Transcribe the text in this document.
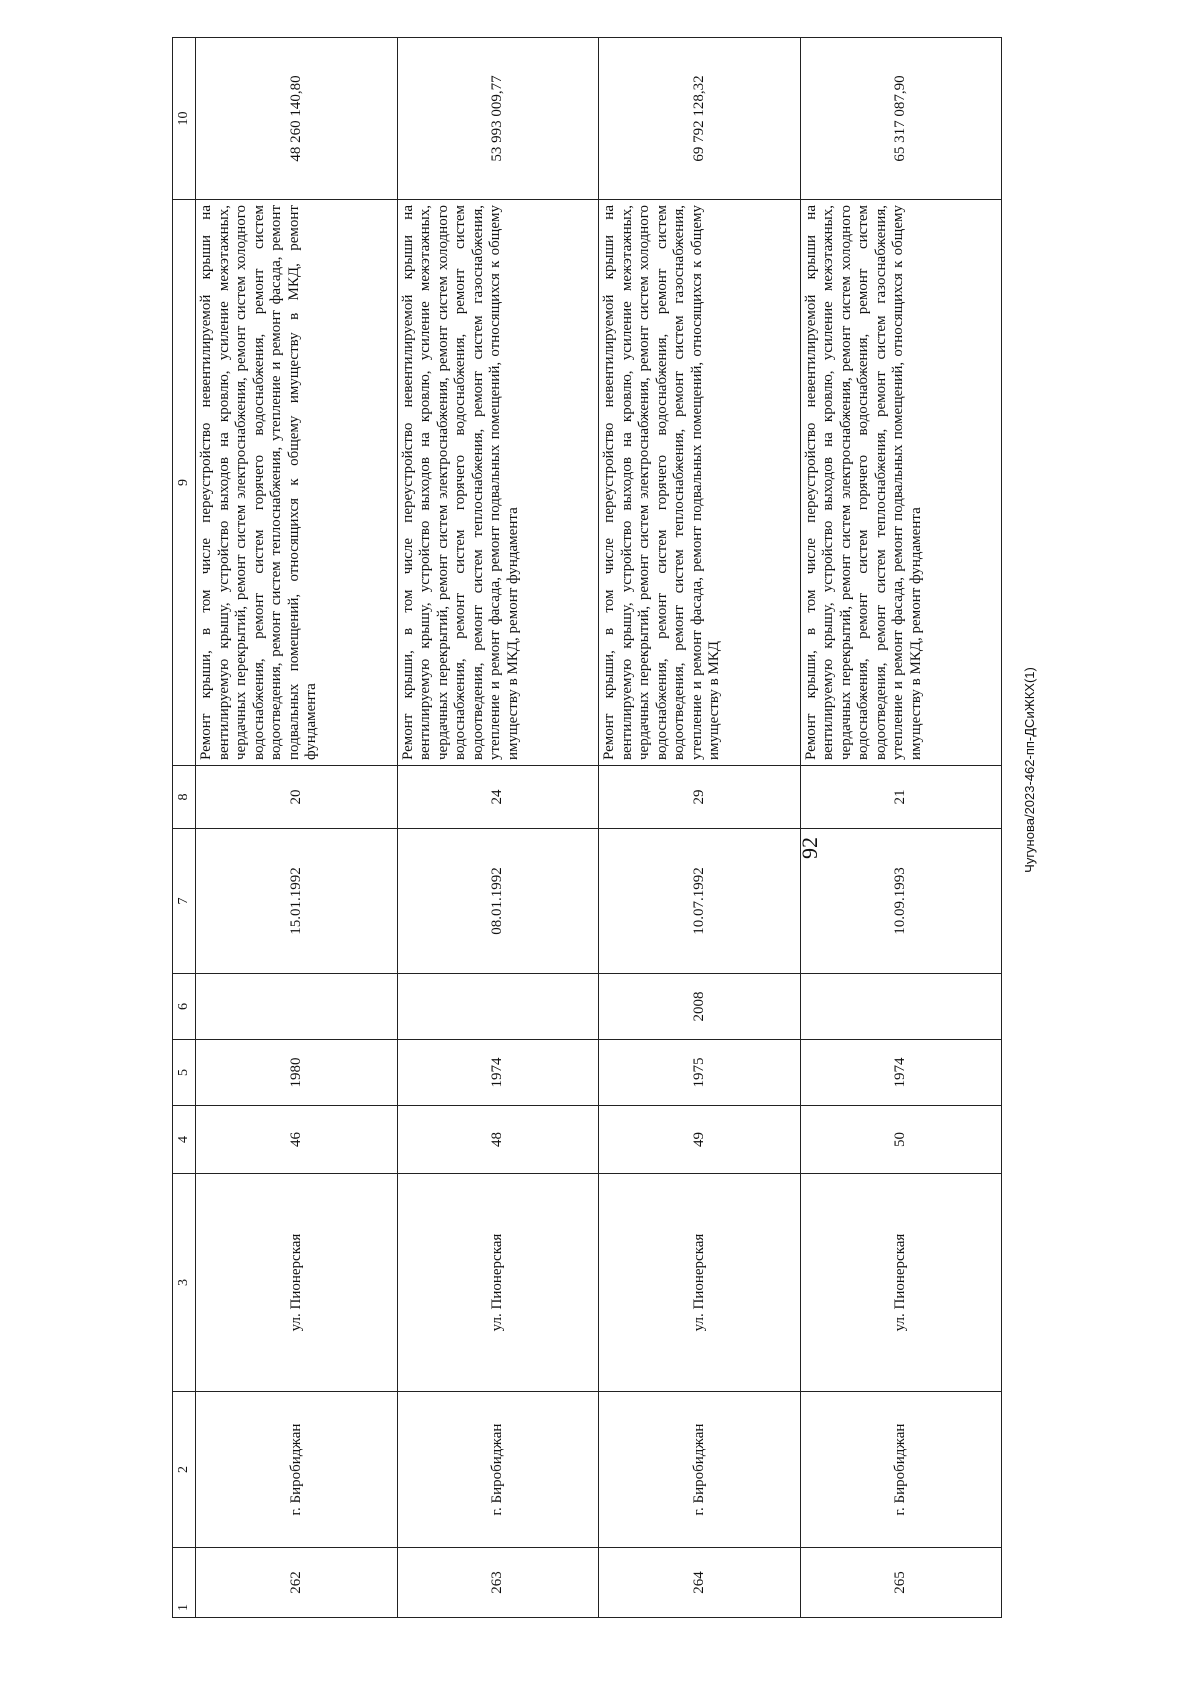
92	Чугунова/2023-462-пп-ДСиЖКХ(1)
1	2	3	4	5	6	7	8	9	10
262	г. Биробиджан	ул. Пионерская	46	1980		15.01.1992	20	Ремонт крыши, в том числе переустройство невентилируемой крыши на вентилируемую крышу, устройство выходов на кровлю, усиление межэтажных, чердачных перекрытий, ремонт систем электроснабжения, ремонт систем холодного водоснабжения, ремонт систем горячего водоснабжения, ремонт систем водоотведения, ремонт систем теплоснабжения, утепление и ремонт фасада, ремонт подвальных помещений, относящихся к общему имуществу в МКД, ремонт фундамента	48 260 140,80
263	г. Биробиджан	ул. Пионерская	48	1974		08.01.1992	24	Ремонт крыши, в том числе переустройство невентилируемой крыши на вентилируемую крышу, устройство выходов на кровлю, усиление межэтажных, чердачных перекрытий, ремонт систем электроснабжения, ремонт систем холодного водоснабжения, ремонт систем горячего водоснабжения, ремонт систем водоотведения, ремонт систем теплоснабжения, ремонт систем газоснабжения, утепление и ремонт фасада, ремонт подвальных помещений, относящихся к общему имуществу в МКД, ремонт фундамента	53 993 009,77
264	г. Биробиджан	ул. Пионерская	49	1975	2008	10.07.1992	29	Ремонт крыши, в том числе переустройство невентилируемой крыши на вентилируемую крышу, устройство выходов на кровлю, усиление межэтажных, чердачных перекрытий, ремонт систем электроснабжения, ремонт систем холодного водоснабжения, ремонт систем горячего водоснабжения, ремонт систем водоотведения, ремонт систем теплоснабжения, ремонт систем газоснабжения, утепление и ремонт фасада, ремонт подвальных помещений, относящихся к общему имуществу в МКД	69 792 128,32
265	г. Биробиджан	ул. Пионерская	50	1974		10.09.1993	21	Ремонт крыши, в том числе переустройство невентилируемой крыши на вентилируемую крышу, устройство выходов на кровлю, усиление межэтажных, чердачных перекрытий, ремонт систем электроснабжения, ремонт систем холодного водоснабжения, ремонт систем горячего водоснабжения, ремонт систем водоотведения, ремонт систем теплоснабжения, ремонт систем газоснабжения, утепление и ремонт фасада, ремонт подвальных помещений, относящихся к общему имуществу в МКД, ремонт фундамента	65 317 087,90
